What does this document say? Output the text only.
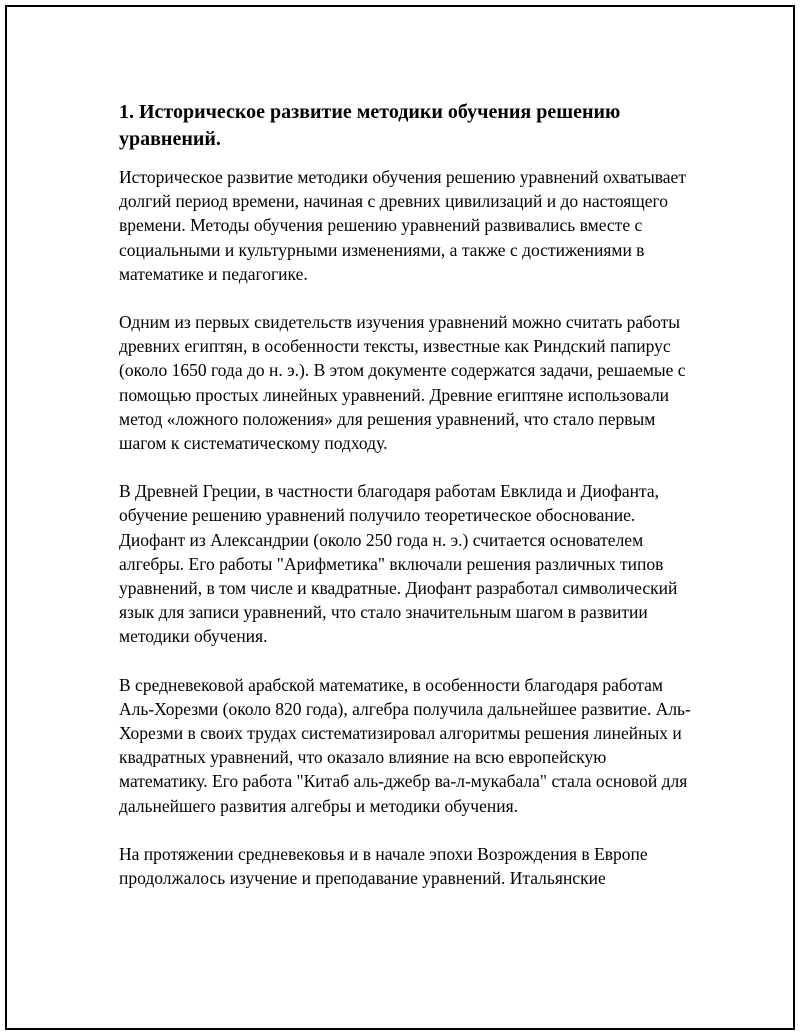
1. Историческое развитие методики обучения решению уравнений.

Историческое развитие методики обучения решению уравнений охватывает долгий период времени, начиная с древних цивилизаций и до настоящего времени. Методы обучения решению уравнений развивались вместе с социальными и культурными изменениями, а также с достижениями в математике и педагогике.

Одним из первых свидетельств изучения уравнений можно считать работы древних египтян, в особенности тексты, известные как Риндский папирус (около 1650 года до н. э.). В этом документе содержатся задачи, решаемые с помощью простых линейных уравнений. Древние египтяне использовали метод «ложного положения» для решения уравнений, что стало первым шагом к систематическому подходу.

В Древней Греции, в частности благодаря работам Евклида и Диофанта, обучение решению уравнений получило теоретическое обоснование. Диофант из Александрии (около 250 года н. э.) считается основателем алгебры. Его работы "Арифметика" включали решения различных типов уравнений, в том числе и квадратные. Диофант разработал символический язык для записи уравнений, что стало значительным шагом в развитии методики обучения.

В средневековой арабской математике, в особенности благодаря работам Аль-Хорезми (около 820 года), алгебра получила дальнейшее развитие. Аль-Хорезми в своих трудах систематизировал алгоритмы решения линейных и квадратных уравнений, что оказало влияние на всю европейскую математику. Его работа "Китаб аль-джебр ва-л-мукабала" стала основой для дальнейшего развития алгебры и методики обучения.

На протяжении средневековья и в начале эпохи Возрождения в Европе продолжалось изучение и преподавание уравнений. Итальянские
